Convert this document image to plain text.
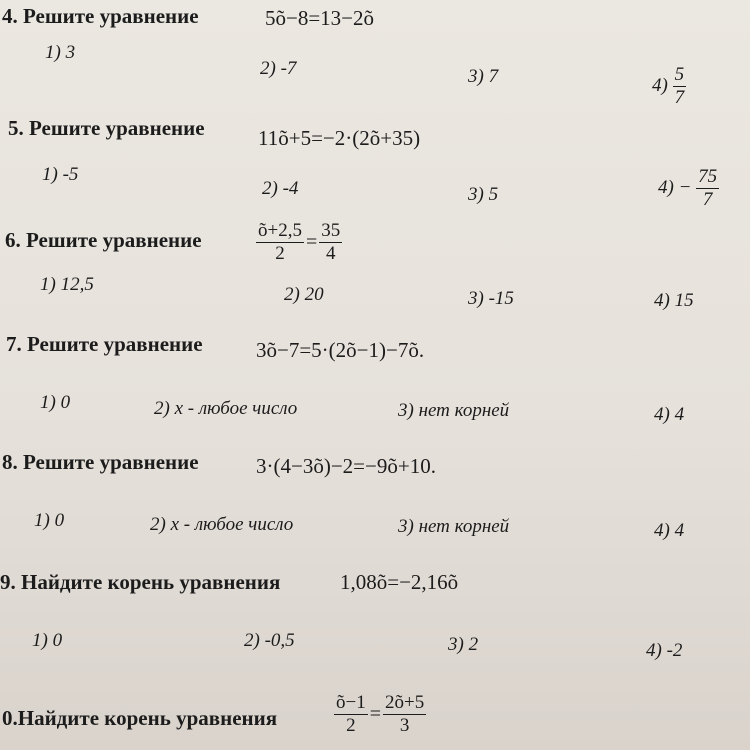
4. Решите уравнение	5õ−8=13−2õ
1) 3
2) -7	3) 7	$4) \frac{5}{7}$
5. Решите уравнение	11õ+5=−2·(2õ+35)
1) -5
2) -4	3) 5	$4) - \frac{75}{7}$
6. Решите уравнение	$\frac{õ+2,5}{2} = \frac{35}{4}$
1) 12,5	2) 20	3) -15	4) 15
7. Решите уравнение	3õ−7=5·(2õ−1)−7õ.
1) 0	2) x - любое число	3) нет корней	4) 4
8. Решите уравнение	3·(4−3õ)−2=−9õ+10.
1) 0	2) x - любое число	3) нет корней	4) 4
9. Найдите корень уравнения	1,08õ=−2,16õ
1) 0	2) -0,5	3) 2	4) -2
0.Найдите корень уравнения	$\frac{õ-1}{2} = \frac{2õ+5}{3}$
